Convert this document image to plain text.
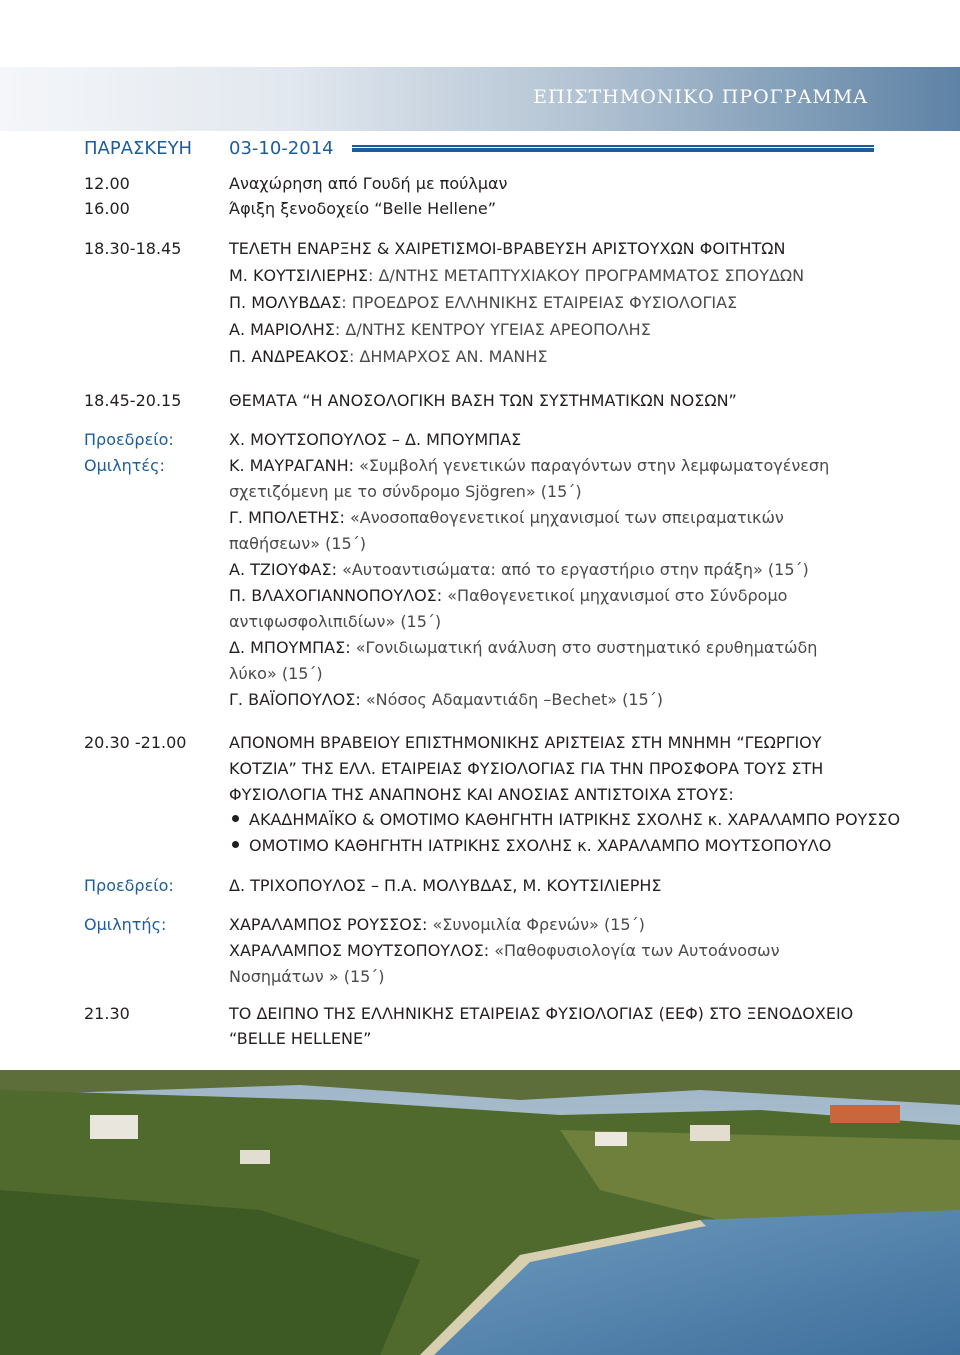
ΕΠΙΣΤΗΜΟΝΙΚΟ ΠΡΟΓΡΑΜΜΑ
ΠΑΡΑΣΚΕΥΗ 03-10-2014
12.00	Αναχώρηση από Γουδή με πούλμαν
16.00	Άφιξη ξενοδοχείο “Belle Hellene”
18.30-18.45	ΤΕΛΕΤΗ ΕΝΑΡΞΗΣ & ΧΑΙΡΕΤΙΣΜΟΙ-ΒΡΑΒΕΥΣΗ ΑΡΙΣΤΟΥΧΩΝ ΦΟΙΤΗΤΩΝ
Μ. ΚΟΥΤΣΙΛΙΕΡΗΣ: Δ/ΝΤΗΣ ΜΕΤΑΠΤΥΧΙΑΚΟΥ ΠΡΟΓΡΑΜΜΑΤΟΣ ΣΠΟΥΔΩΝ
Π. ΜΟΛΥΒΔΑΣ: ΠΡΟΕΔΡΟΣ ΕΛΛΗΝΙΚΗΣ ΕΤΑΙΡΕΙΑΣ ΦΥΣΙΟΛΟΓΙΑΣ
Α. ΜΑΡΙΟΛΗΣ: Δ/ΝΤΗΣ ΚΕΝΤΡΟΥ ΥΓΕΙΑΣ ΑΡΕΟΠΟΛΗΣ
Π. ΑΝΔΡΕΑΚΟΣ: ΔΗΜΑΡΧΟΣ ΑΝ. ΜΑΝΗΣ
18.45-20.15	ΘΕΜΑΤΑ “Η ΑΝΟΣΟΛΟΓΙΚΗ ΒΑΣΗ ΤΩΝ ΣΥΣΤΗΜΑΤΙΚΩΝ ΝΟΣΩΝ”
Προεδρείο:	Χ. ΜΟΥΤΣΟΠΟΥΛΟΣ – Δ. ΜΠΟΥΜΠΑΣ
Ομιλητές:	Κ. ΜΑΥΡΑΓΑΝΗ: «Συμβολή γενετικών παραγόντων στην λεμφωματογένεση
σχετιζόμενη με το σύνδρομο Sjögren» (15΄)
Γ. ΜΠΟΛΕΤΗΣ: «Ανοσοπαθογενετικοί μηχανισμοί των σπειραματικών
παθήσεων» (15΄)
Α. ΤΖΙΟΥΦΑΣ: «Αυτοαντισώματα: από το εργαστήριο στην πράξη» (15΄)
Π. ΒΛΑΧΟΓΙΑΝΝΟΠΟΥΛΟΣ: «Παθογενετικοί μηχανισμοί στο Σύνδρομο
αντιφωσφολιπιδίων» (15΄)
Δ. ΜΠΟΥΜΠΑΣ: «Γονιδιωματική ανάλυση στο συστηματικό ερυθηματώδη
λύκο» (15΄)
Γ. ΒΑΪΟΠΟΥΛΟΣ: «Νόσος Αδαμαντιάδη –Bechet» (15΄)
20.30 -21.00	ΑΠΟΝΟΜΗ ΒΡΑΒΕΙΟΥ ΕΠΙΣΤΗΜΟΝΙΚΗΣ ΑΡΙΣΤΕΙΑΣ ΣΤΗ ΜΝΗΜΗ “ΓΕΩΡΓΙΟΥ
ΚΟΤΖΙΑ” ΤΗΣ ΕΛΛ. ΕΤΑΙΡΕΙΑΣ ΦΥΣΙΟΛΟΓΙΑΣ ΓΙΑ ΤΗΝ ΠΡΟΣΦΟΡΑ ΤΟΥΣ ΣΤΗ
ΦΥΣΙΟΛΟΓΙΑ ΤΗΣ ΑΝΑΠΝΟΗΣ ΚΑΙ ΑΝΟΣΙΑΣ ΑΝΤΙΣΤΟΙΧΑ ΣΤΟΥΣ:
ΑΚΑΔΗΜΑΪΚΟ & ΟΜΟΤΙΜΟ ΚΑΘΗΓΗΤΗ ΙΑΤΡΙΚΗΣ ΣΧΟΛΗΣ κ. ΧΑΡΑΛΑΜΠΟ ΡΟΥΣΣΟ
ΟΜΟΤΙΜΟ ΚΑΘΗΓΗΤΗ ΙΑΤΡΙΚΗΣ ΣΧΟΛΗΣ κ. ΧΑΡΑΛΑΜΠΟ ΜΟΥΤΣΟΠΟΥΛΟ
Προεδρείο:	Δ. ΤΡΙΧΟΠΟΥΛΟΣ – Π.Α. ΜΟΛΥΒΔΑΣ, Μ. ΚΟΥΤΣΙΛΙΕΡΗΣ
Ομιλητής:	ΧΑΡΑΛΑΜΠΟΣ ΡΟΥΣΣΟΣ: «Συνομιλία Φρενών» (15΄)
ΧΑΡΑΛΑΜΠΟΣ ΜΟΥΤΣΟΠΟΥΛΟΣ: «Παθοφυσιολογία των Αυτοάνοσων
Νοσημάτων » (15΄)
21.30	ΤΟ ΔΕΙΠΝΟ ΤΗΣ ΕΛΛΗΝΙΚΗΣ ΕΤΑΙΡΕΙΑΣ ΦΥΣΙΟΛΟΓΙΑΣ (ΕΕΦ) ΣΤΟ ΞΕΝΟΔΟΧΕΙΟ
“BELLE HELLENE”
